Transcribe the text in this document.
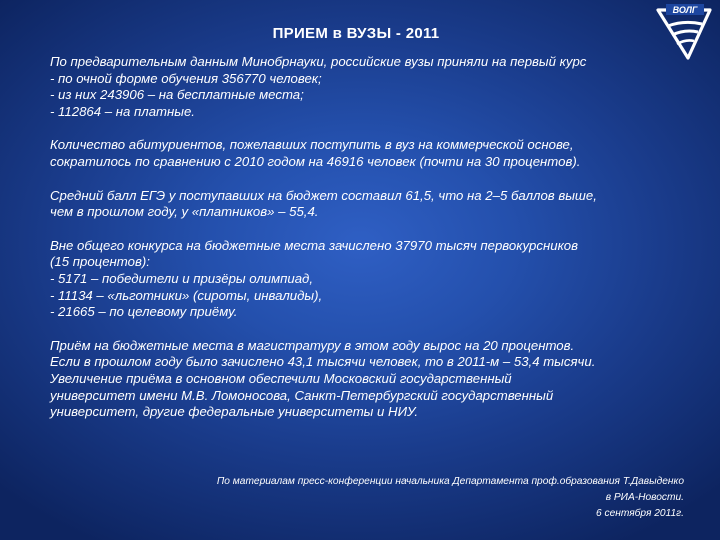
ПРИЕМ в ВУЗЫ - 2011
ВОЛГ
По предварительным данным Минобрнауки, российские вузы приняли на первый курс
- по очной форме обучения 356770 человек;
- из них 243906 – на бесплатные места;
- 112864 – на платные.
Количество абитуриентов, пожелавших поступить в вуз на коммерческой основе,
сократилось по сравнению с 2010 годом на 46916 человек (почти на 30 процентов).
Средний балл ЕГЭ у поступавших на бюджет составил 61,5, что на 2–5 баллов выше,
чем в прошлом году, у «платников» – 55,4.
Вне общего конкурса на бюджетные места зачислено 37970 тысяч первокурсников
(15 процентов):
- 5171 – победители и призёры олимпиад,
- 11134 – «льготники» (сироты, инвалиды),
- 21665 – по целевому приёму.
Приём на бюджетные места в магистратуру в этом году вырос на 20 процентов.
Если в прошлом году было зачислено 43,1 тысячи человек, то в 2011-м – 53,4 тысячи.
Увеличение приёма в основном обеспечили Московский государственный
университет имени М.В. Ломоносова, Санкт-Петербургский государственный
университет, другие федеральные университеты и НИУ.
По материалам пресс-конференции начальника Департамента проф.образования Т.Давыденко
в РИА-Новости.
6 сентября 2011г.
